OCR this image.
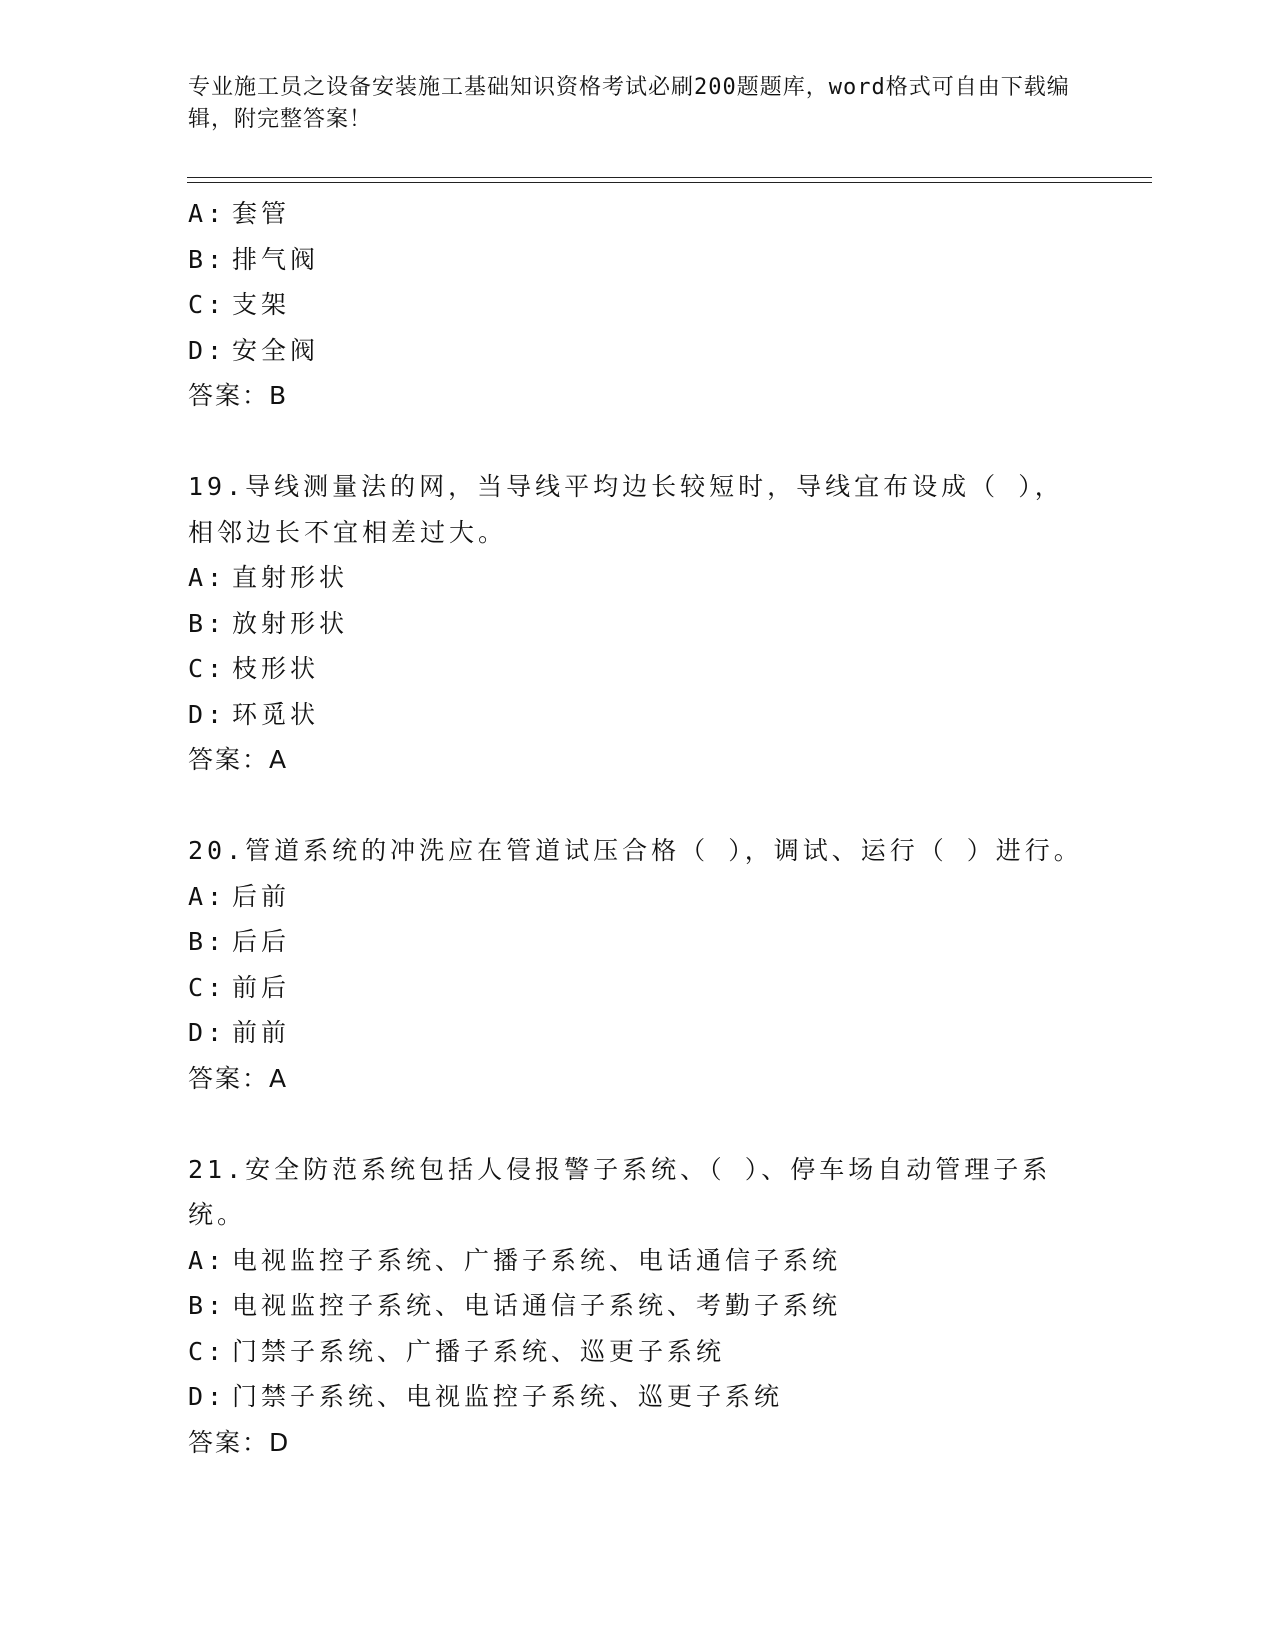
专业施工员之设备安装施工基础知识资格考试必刷200题题库，word格式可自由下载编辑，附完整答案！
A: 套管
B: 排气阀
C: 支架
D: 安全阀
答案：B
19.导线测量法的网，当导线平均边长较短时，导线宜布设成（ ），
相邻边长不宜相差过大。
A: 直射形状
B: 放射形状
C: 枝形状
D: 环觅状
答案：A
20.管道系统的冲洗应在管道试压合格（ ），调试、运行（ ）进行。
A: 后前
B: 后后
C: 前后
D: 前前
答案：A
21.安全防范系统包括人侵报警子系统、（ ）、停车场自动管理子系
统。
A: 电视监控子系统、广播子系统、电话通信子系统
B: 电视监控子系统、电话通信子系统、考勤子系统
C: 门禁子系统、广播子系统、巡更子系统
D: 门禁子系统、电视监控子系统、巡更子系统
答案：D
